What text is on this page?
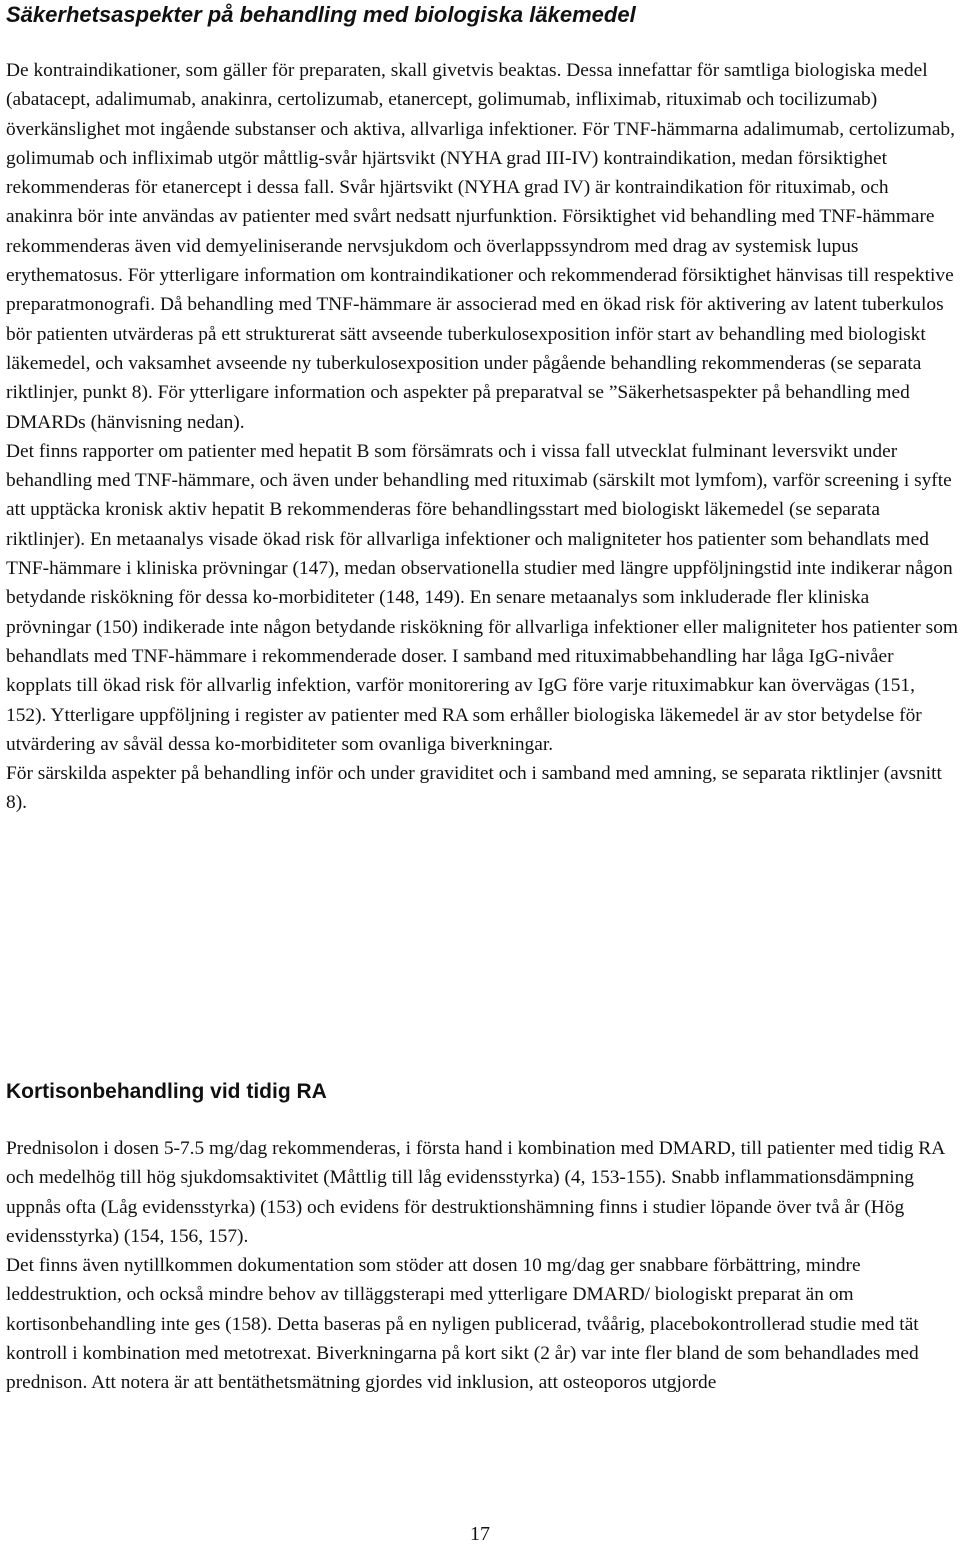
Säkerhetsaspekter på behandling med biologiska läkemedel

De kontraindikationer, som gäller för preparaten, skall givetvis beaktas. Dessa innefattar för samtliga biologiska medel (abatacept, adalimumab, anakinra, certolizumab, etanercept, golimumab, infliximab, rituximab och tocilizumab) överkänslighet mot ingående substanser och aktiva, allvarliga infektioner. För TNF-hämmarna adalimumab, certolizumab, golimumab och infliximab utgör måttlig-svår hjärtsvikt (NYHA grad III-IV) kontraindikation, medan försiktighet rekommenderas för etanercept i dessa fall. Svår hjärtsvikt (NYHA grad IV) är kontraindikation för rituximab, och anakinra bör inte användas av patienter med svårt nedsatt njurfunktion. Försiktighet vid behandling med TNF-hämmare rekommenderas även vid demyeliniserande nervsjukdom och överlappssyndrom med drag av systemisk lupus erythematosus. För ytterligare information om kontraindikationer och rekommenderad försiktighet hänvisas till respektive preparatmonografi. Då behandling med TNF-hämmare är associerad med en ökad risk för aktivering av latent tuberkulos bör patienten utvärderas på ett strukturerat sätt avseende tuberkulosexposition inför start av behandling med biologiskt läkemedel, och vaksamhet avseende ny tuberkulosexposition under pågående behandling rekommenderas (se separata riktlinjer, punkt 8). För ytterligare information och aspekter på preparatval se ”Säkerhetsaspekter på behandling med DMARDs (hänvisning nedan).

Det finns rapporter om patienter med hepatit B som försämrats och i vissa fall utvecklat fulminant leversvikt under behandling med TNF-hämmare, och även under behandling med rituximab (särskilt mot lymfom), varför screening i syfte att upptäcka kronisk aktiv hepatit B rekommenderas före behandlingsstart med biologiskt läkemedel (se separata riktlinjer). En metaanalys visade ökad risk för allvarliga infektioner och maligniteter hos patienter som behandlats med TNF-hämmare i kliniska prövningar (147), medan observationella studier med längre uppföljningstid inte indikerar någon betydande riskökning för dessa ko-morbiditeter (148, 149). En senare metaanalys som inkluderade fler kliniska prövningar (150) indikerade inte någon betydande riskökning för allvarliga infektioner eller maligniteter hos patienter som behandlats med TNF-hämmare i rekommenderade doser. I samband med rituximabbehandling har låga IgG-nivåer kopplats till ökad risk för allvarlig infektion, varför monitorering av IgG före varje rituximabkur kan övervägas (151, 152). Ytterligare uppföljning i register av patienter med RA som erhåller biologiska läkemedel är av stor betydelse för utvärdering av såväl dessa ko-morbiditeter som ovanliga biverkningar.

För särskilda aspekter på behandling inför och under graviditet och i samband med amning, se separata riktlinjer (avsnitt 8).

Kortisonbehandling vid tidig RA

Prednisolon i dosen 5-7.5 mg/dag rekommenderas, i första hand i kombination med DMARD, till patienter med tidig RA och medelhög till hög sjukdomsaktivitet (Måttlig till låg evidensstyrka) (4, 153-155). Snabb inflammationsdämpning uppnås ofta (Låg evidensstyrka) (153) och evidens för destruktionshämning finns i studier löpande över två år (Hög evidensstyrka) (154, 156, 157).

Det finns även nytillkommen dokumentation som stöder att dosen 10 mg/dag ger snabbare förbättring, mindre leddestruktion, och också mindre behov av tilläggsterapi med ytterligare DMARD/ biologiskt preparat än om kortisonbehandling inte ges (158). Detta baseras på en nyligen publicerad, tvåårig, placebokontrollerad studie med tät kontroll i kombination med metotrexat. Biverkningarna på kort sikt (2 år) var inte fler bland de som behandlades med prednison. Att notera är att bentäthetsmätning gjordes vid inklusion, att osteoporos utgjorde

17
